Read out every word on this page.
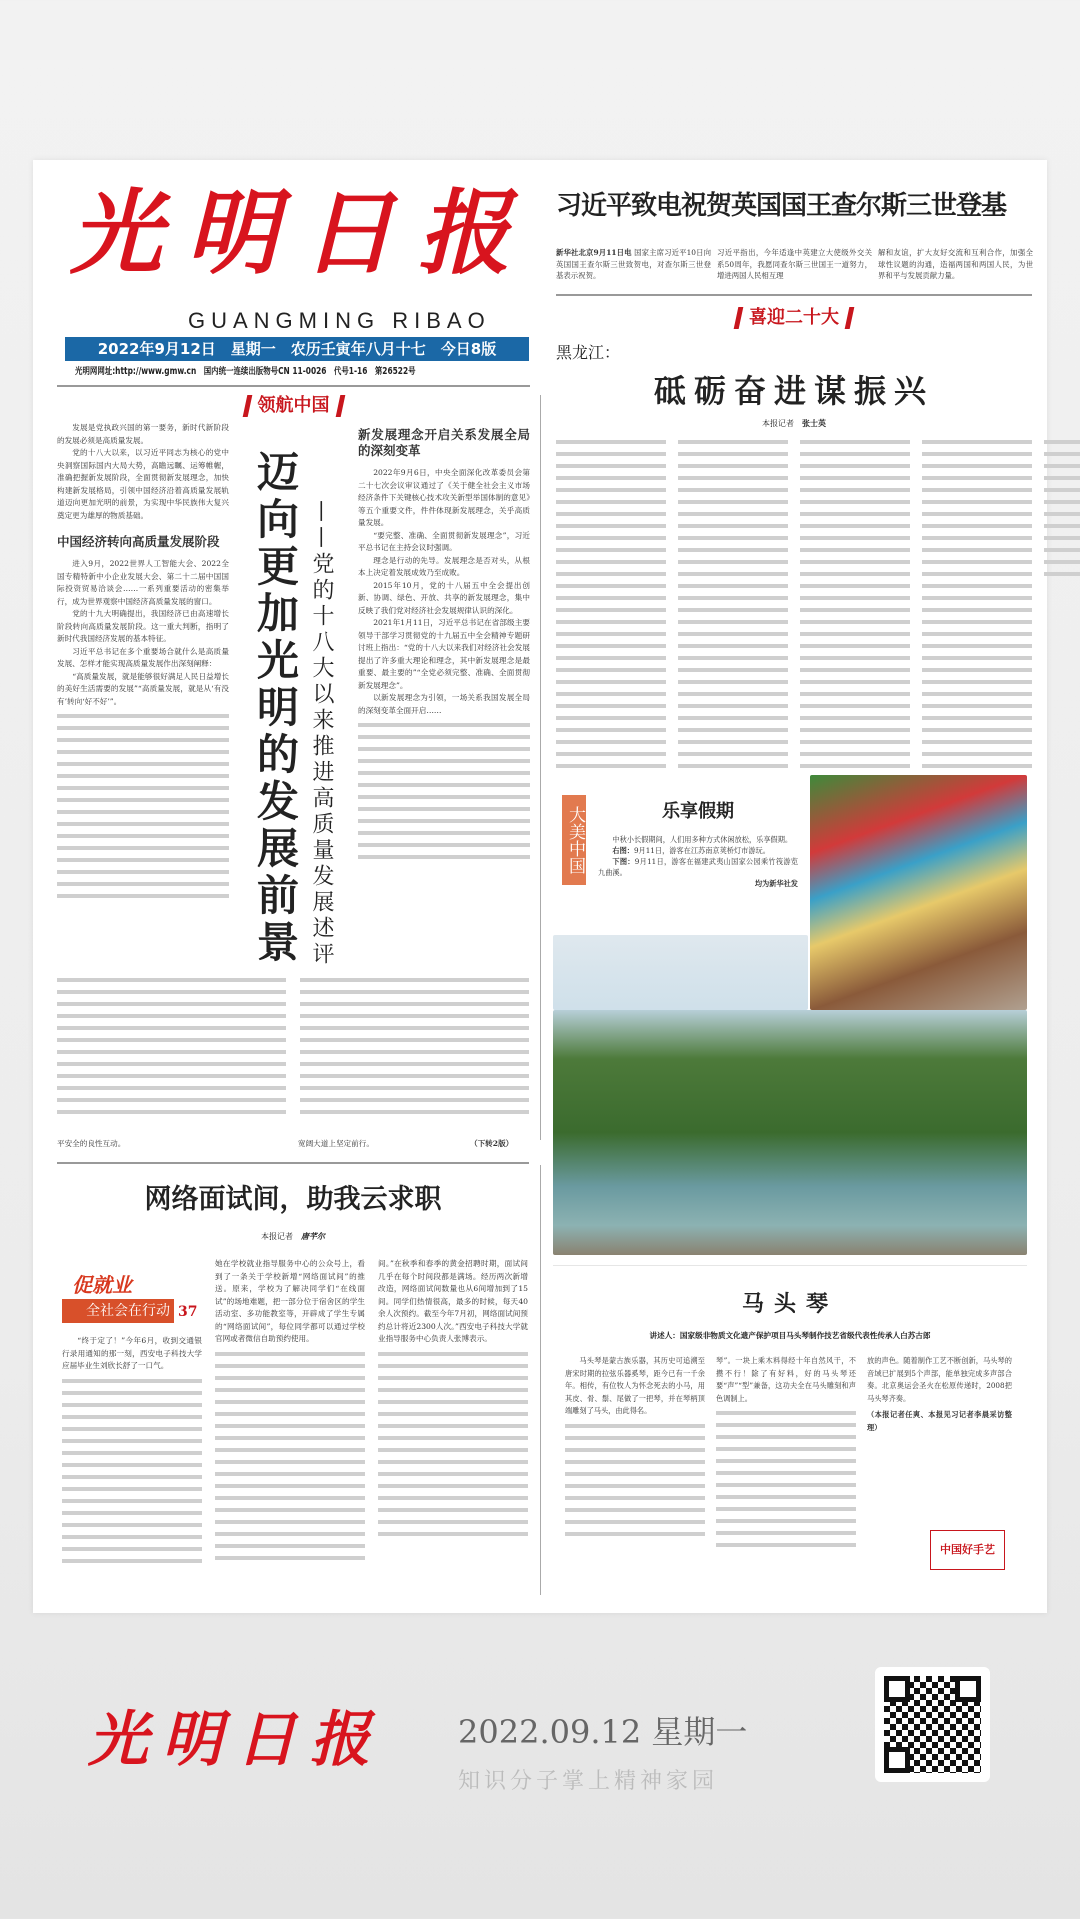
光明日报
GUANGMING RIBAO
2022年9月12日　星期一　农历壬寅年八月十七　今日8版
光明网网址:http://www.gmw.cn　国内统一连续出版物号CN 11-0026　代号1-16　第26522号
习近平致电祝贺英国国王查尔斯三世登基
新华社北京9月11日电 国家主席习近平10日向英国国王查尔斯三世致贺电，对查尔斯三世登基表示祝贺。
习近平指出，今年适逢中英建立大使级外交关系50周年，我愿同查尔斯三世国王一道努力，增进两国人民相互理
解和友谊，扩大友好交流和互利合作，加强全球性议题的沟通，造福两国和两国人民，为世界和平与发展贡献力量。
喜迎二十大
黑龙江：
砥砺奋进谋振兴
本报记者　 张士英
领航中国

发展是党执政兴国的第一要务，新时代新阶段的发展必须是高质量发展。

党的十八大以来，以习近平同志为核心的党中央洞察国际国内大局大势，高瞻远瞩、运筹帷幄，准确把握新发展阶段，全面贯彻新发展理念，加快构建新发展格局，引领中国经济沿着高质量发展轨道迈向更加光明的前景，为实现中华民族伟大复兴奠定更为雄厚的物质基础。

中国经济转向高质量发展阶段

进入9月，2022世界人工智能大会、2022全国专精特新中小企业发展大会、第二十二届中国国际投资贸易洽谈会……一系列重要活动的密集举行，成为世界观察中国经济高质量发展的窗口。

党的十九大明确提出，我国经济已由高速增长阶段转向高质量发展阶段。这一重大判断，指明了新时代我国经济发展的基本特征。

习近平总书记在多个重要场合就什么是高质量发展、怎样才能实现高质量发展作出深刻阐释：

“高质量发展，就是能够很好满足人民日益增长的美好生活需要的发展”“高质量发展，就是从‘有没有’转向‘好不好’”。	迈向更加光明的发展前景 ——党的十八大以来推进高质量发展述评
新发展理念开启关系发展全局的深刻变革

2022年9月6日，中央全面深化改革委员会第二十七次会议审议通过了《关于健全社会主义市场经济条件下关键核心技术攻关新型举国体制的意见》等五个重要文件，件件体现新发展理念，关乎高质量发展。

“要完整、准确、全面贯彻新发展理念”，习近平总书记在主持会议时强调。

理念是行动的先导。发展理念是否对头，从根本上决定着发展成效乃至成败。

2015年10月，党的十八届五中全会提出创新、协调、绿色、开放、共享的新发展理念，集中反映了我们党对经济社会发展规律认识的深化。

2021年1月11日，习近平总书记在省部级主要领导干部学习贯彻党的十九届五中全会精神专题研讨班上指出：“党的十八大以来我们对经济社会发展提出了许多重大理论和理念，其中新发展理念是最重要、最主要的”“全党必须完整、准确、全面贯彻新发展理念”。

以新发展理念为引领，一场关系我国发展全局的深刻变革全面开启……

平安全的良性互动。	宽阔大道上坚定前行。	（下转2版）
网络面试间，助我云求职
本报记者　 唐芊尔
促就业
全社会在行动 37

“终于定了！”今年6月，收到交通银行录用通知的那一刻，西安电子科技大学应届毕业生刘欣长舒了一口气。

她在学校就业指导服务中心的公众号上，看到了一条关于学校新增“网络面试间”的推送。原来，学校为了解决同学们“在线面试”的场地难题，把一部分位于宿舍区的学生活动室、多功能教室等，开辟成了学生专属的“网络面试间”，每位同学都可以通过学校官网或者微信自助预约使用。
间。”在秋季和春季的黄金招聘时期，面试间几乎在每个时间段都是满场。经历两次新增改造，网络面试间数量也从6间增加到了15间。同学们热情很高，最多的时候，每天40余人次预约。截至今年7月初，网络面试间预约总计将近2300人次。”西安电子科技大学就业指导服务中心负责人张博表示。
大美中国	乐享假期

中秋小长假期间，人们用多种方式休闲放松，乐享假期。

右图：9月11日，游客在江苏南京荚桥灯市游玩。

下图：9月11日，游客在福建武夷山国家公园乘竹筏游览九曲溪。

均为新华社发
马头琴
讲述人：国家级非物质文化遗产保护项目马头琴制作技艺省级代表性传承人白苏古郎

马头琴是蒙古族乐器，其历史可追溯至唐宋时期的拉弦乐器奚琴，距今已有一千余年。相传，有位牧人为怀念死去的小马，用其皮、骨、鬃、尾做了一把琴，并在琴柄顶端雕刻了马头，由此得名。

琴”。一块上乘木料得经十年自然风干，不攒不行！除了有好料，好的马头琴还要“声”“型”兼备，这功夫全在马头雕刻和声色调制上。
放的声色。随着制作工艺不断创新，马头琴的音域已扩展到5个声部，能单独完成多声部合奏。北京奥运会圣火在松原传递时，2008把马头琴齐奏。
（本报记者任爽、本报见习记者李晨采访整理）
中国好手艺
光明日报 2022.09.12 星期一
知识分子掌上精神家园
